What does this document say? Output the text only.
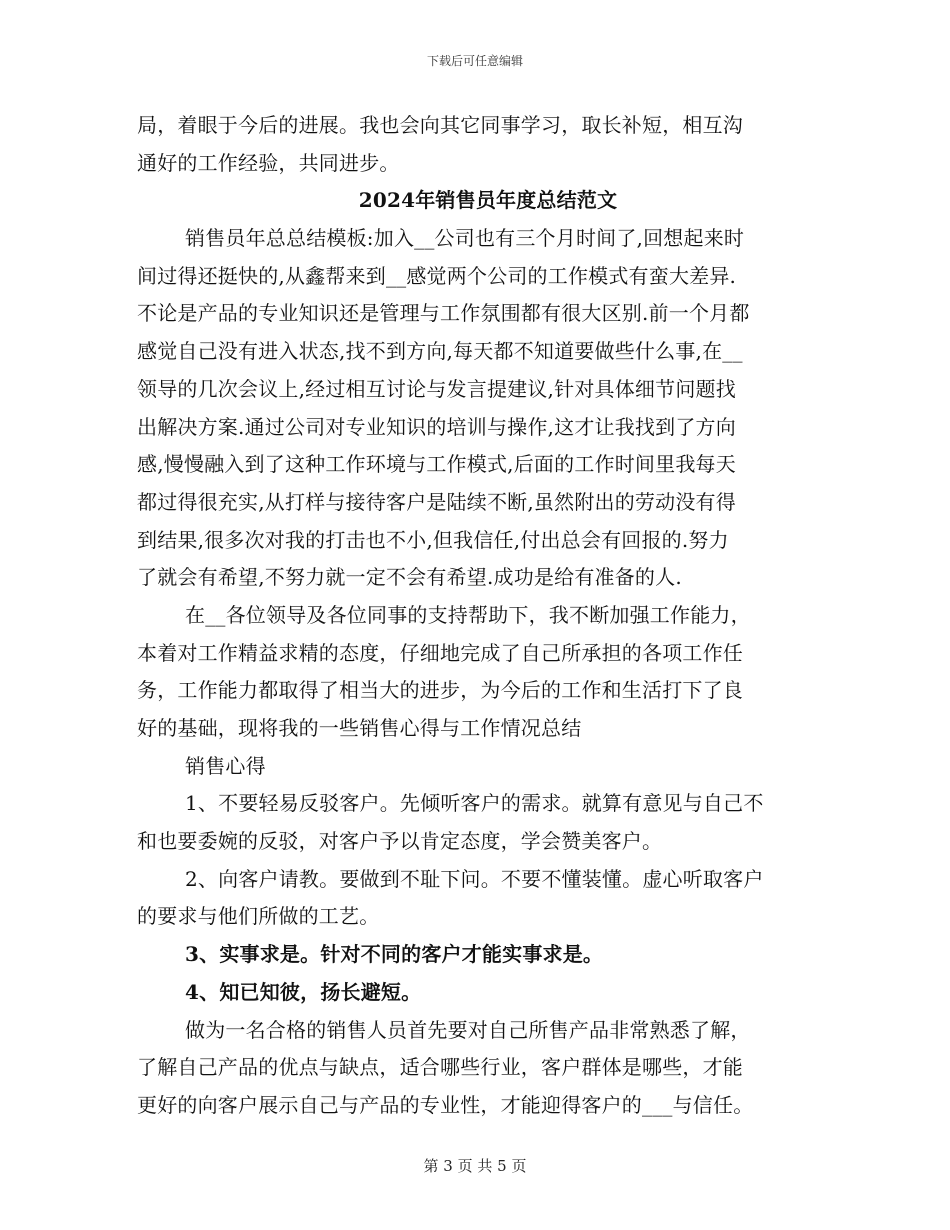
下载后可任意编辑
局，着眼于今后的进展。我也会向其它同事学习，取长补短，相互沟
通好的工作经验，共同进步。
2024年销售员年度总结范文
销售员年总总结模板:加入__公司也有三个月时间了,回想起来时
间过得还挺快的,从鑫帮来到__感觉两个公司的工作模式有蛮大差异.
不论是产品的专业知识还是管理与工作氛围都有很大区别.前一个月都
感觉自己没有进入状态,找不到方向,每天都不知道要做些什么事,在__
领导的几次会议上,经过相互讨论与发言提建议,针对具体细节问题找
出解决方案.通过公司对专业知识的培训与操作,这才让我找到了方向
感,慢慢融入到了这种工作环境与工作模式,后面的工作时间里我每天
都过得很充实,从打样与接待客户是陆续不断,虽然附出的劳动没有得
到结果,很多次对我的打击也不小,但我信任,付出总会有回报的.努力
了就会有希望,不努力就一定不会有希望.成功是给有准备的人.
在__各位领导及各位同事的支持帮助下，我不断加强工作能力，
本着对工作精益求精的态度，仔细地完成了自己所承担的各项工作任
务，工作能力都取得了相当大的进步，为今后的工作和生活打下了良
好的基础，现将我的一些销售心得与工作情况总结
销售心得
1、不要轻易反驳客户。先倾听客户的需求。就算有意见与自己不
和也要委婉的反驳，对客户予以肯定态度，学会赞美客户。
2、向客户请教。要做到不耻下问。不要不懂装懂。虚心听取客户
的要求与他们所做的工艺。
3、实事求是。针对不同的客户才能实事求是。
4、知已知彼，扬长避短。
做为一名合格的销售人员首先要对自己所售产品非常熟悉了解，
了解自己产品的优点与缺点，适合哪些行业，客户群体是哪些，才能
更好的向客户展示自己与产品的专业性，才能迎得客户的___与信任。
第 3 页 共 5 页
